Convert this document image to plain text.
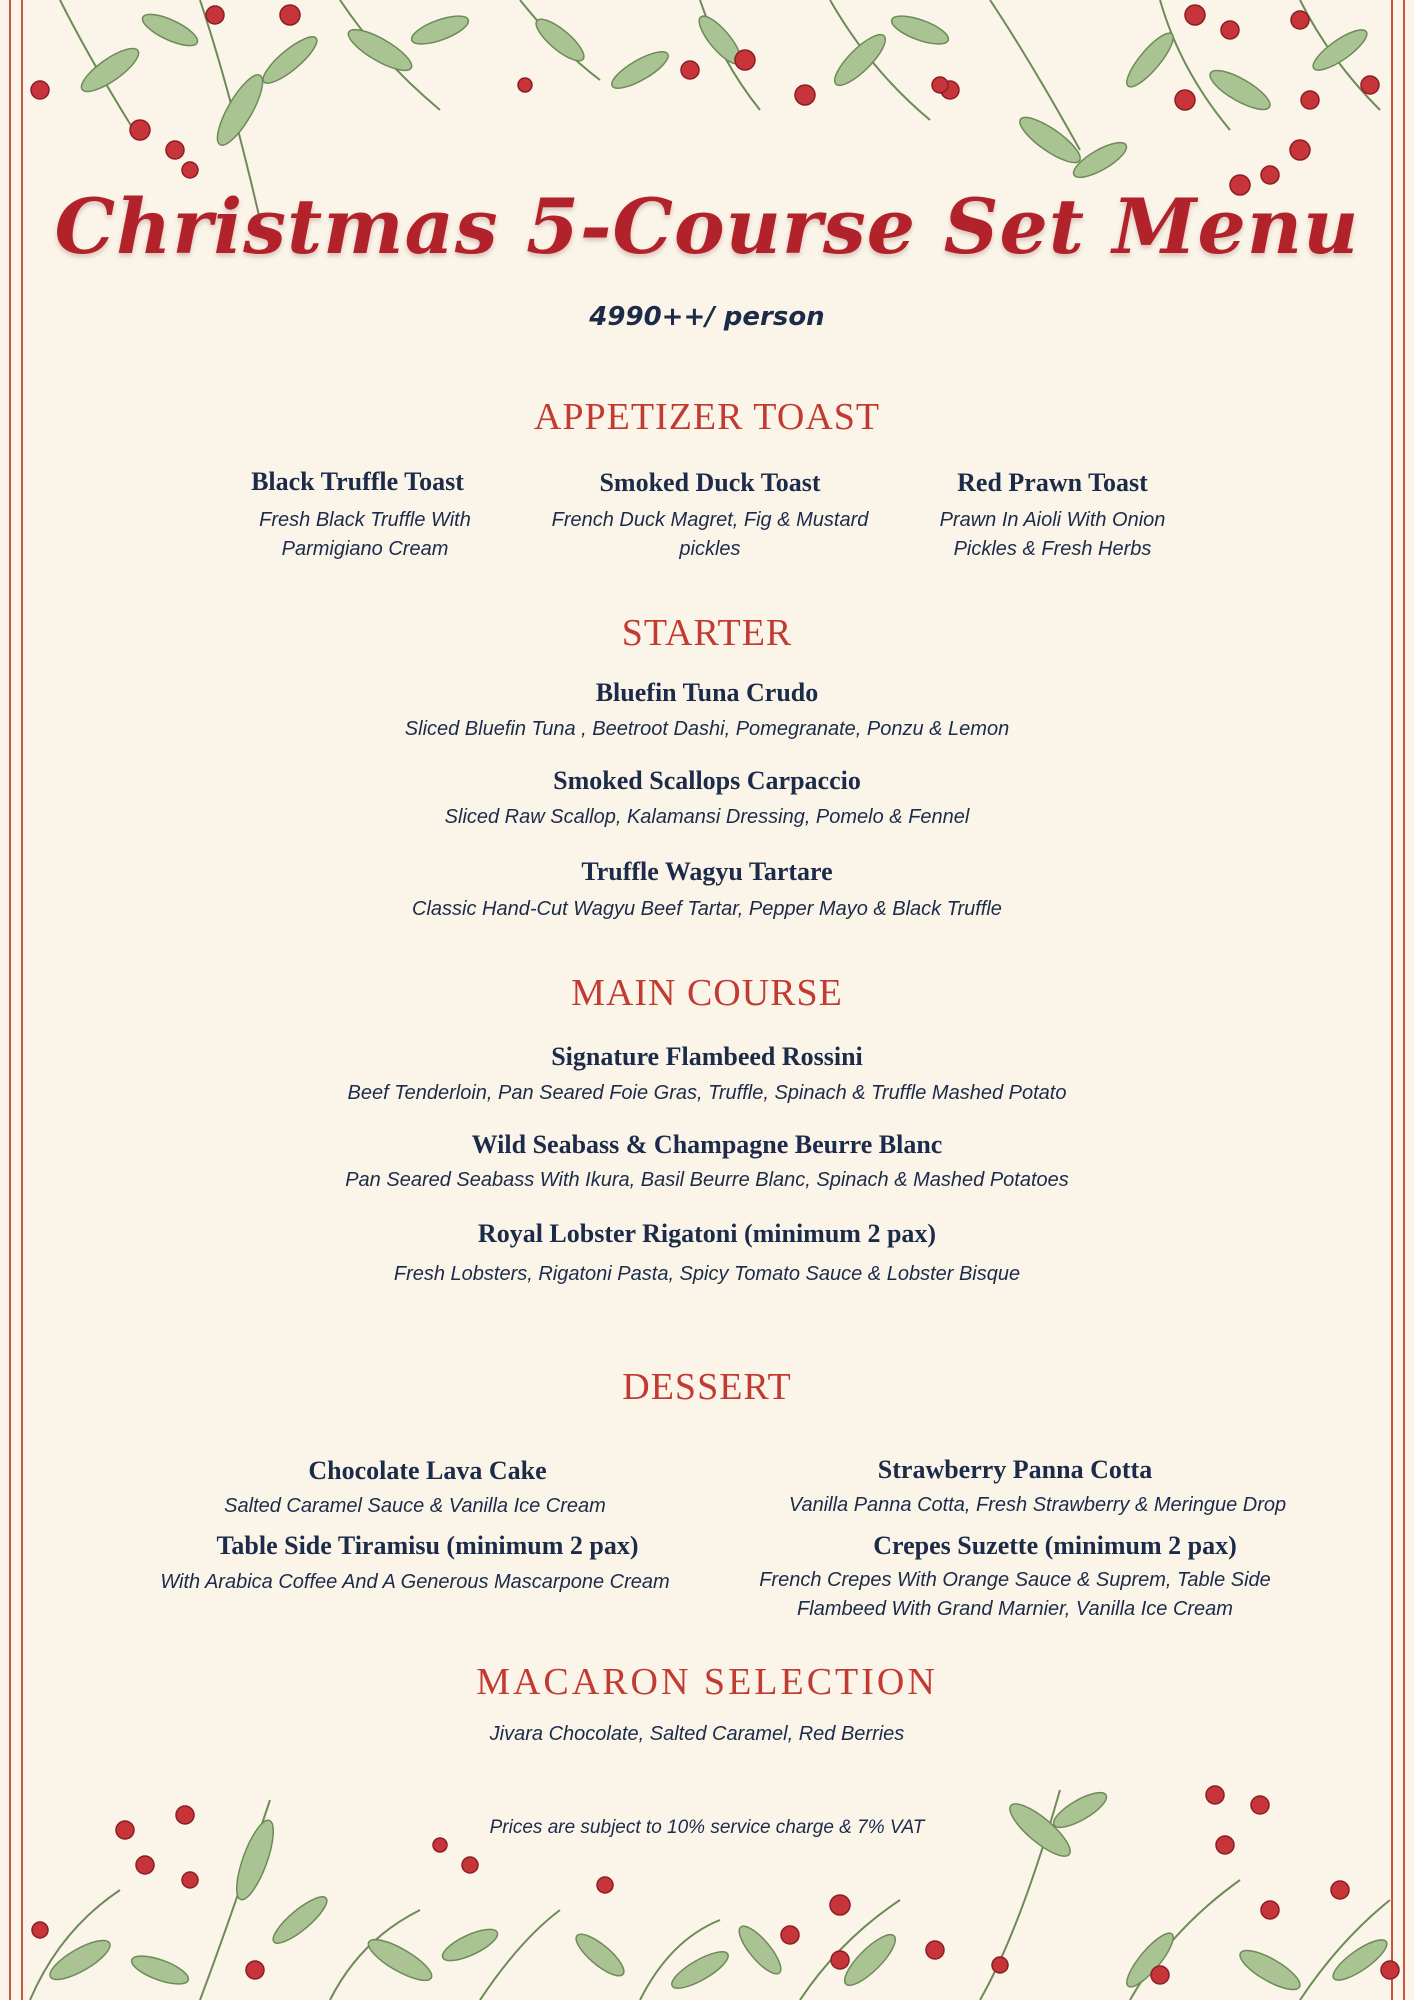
Christmas 5-Course Set Menu
4990++/ person
APPETIZER TOAST
Black Truffle Toast
Fresh Black Truffle With Parmigiano Cream
Smoked Duck Toast
French Duck Magret, Fig & Mustard pickles
Red Prawn Toast
Prawn In Aioli With Onion Pickles & Fresh Herbs
STARTER
Bluefin Tuna Crudo
Sliced Bluefin Tuna , Beetroot Dashi, Pomegranate, Ponzu & Lemon
Smoked Scallops Carpaccio
Sliced Raw Scallop, Kalamansi Dressing, Pomelo & Fennel
Truffle Wagyu Tartare
Classic Hand-Cut Wagyu Beef Tartar, Pepper Mayo & Black Truffle
MAIN COURSE
Signature Flambeed Rossini
Beef Tenderloin, Pan Seared Foie Gras, Truffle, Spinach & Truffle Mashed Potato
Wild Seabass & Champagne Beurre Blanc
Pan Seared Seabass With Ikura, Basil Beurre Blanc, Spinach & Mashed Potatoes
Royal Lobster Rigatoni (minimum 2 pax)
Fresh Lobsters, Rigatoni Pasta, Spicy Tomato Sauce & Lobster Bisque
DESSERT
Chocolate Lava Cake
Salted Caramel Sauce & Vanilla Ice Cream
Strawberry Panna Cotta
Vanilla Panna Cotta, Fresh Strawberry & Meringue Drop
Table Side Tiramisu (minimum 2 pax)
With Arabica Coffee And A Generous Mascarpone Cream
Crepes Suzette (minimum 2 pax)
French Crepes With Orange Sauce & Suprem, Table Side Flambeed With Grand Marnier, Vanilla Ice Cream
MACARON SELECTION
Jivara Chocolate, Salted Caramel, Red Berries
Prices are subject to 10% service charge & 7% VAT
